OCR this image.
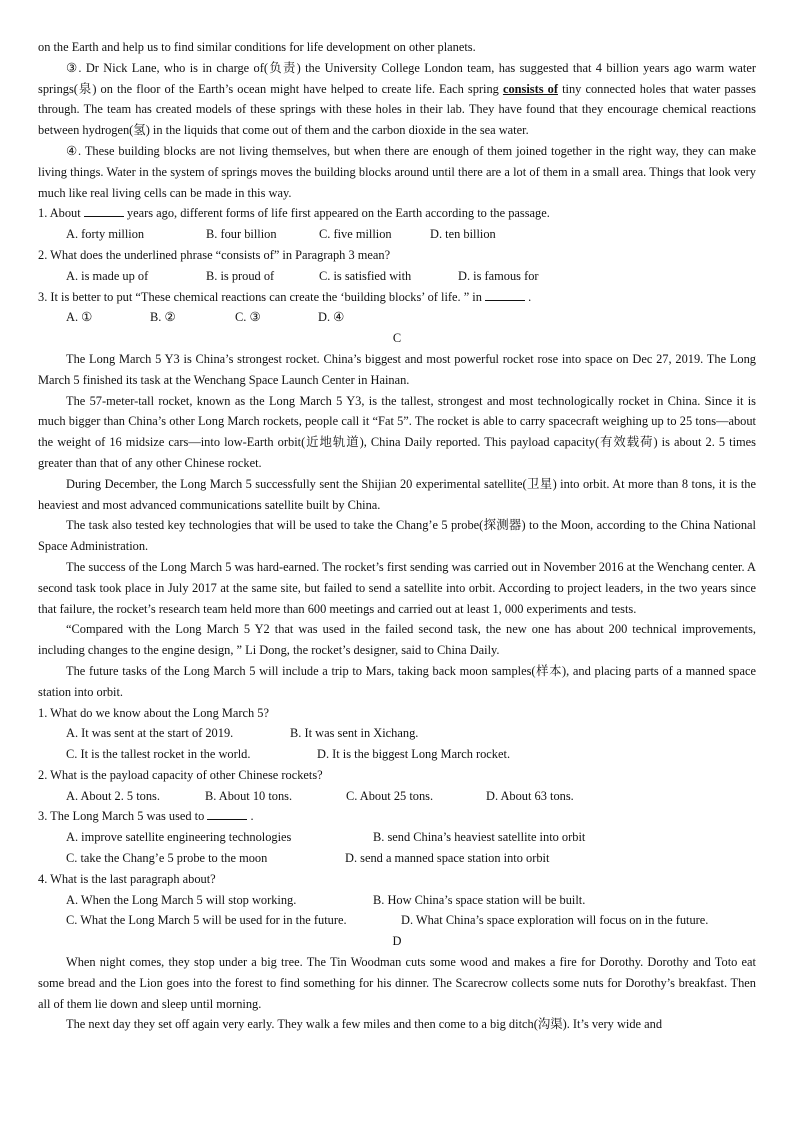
on the Earth and help us to find similar conditions for life development on other planets.

③. Dr Nick Lane, who is in charge of(负责) the University College London team, has suggested that 4 billion years ago warm water springs(泉) on the floor of the Earth’s ocean might have helped to create life. Each spring consists of tiny connected holes that water passes through. The team has created models of these springs with these holes in their lab. They have found that they encourage chemical reactions between hydrogen(氢) in the liquids that come out of them and the carbon dioxide in the sea water.

④. These building blocks are not living themselves, but when there are enough of them joined together in the right way, they can make living things. Water in the system of springs moves the building blocks around until there are a lot of them in a small area. Things that look very much like real living cells can be made in this way.

1. About	years ago, different forms of life first appeared on the Earth according to the passage.

A. forty million	B. four billion	C. five million	D. ten billion

2. What does the underlined phrase “consists of” in Paragraph 3 mean?

A. is made up of	B. is proud of	C. is satisfied with	D. is famous for

3. It is better to put “These chemical reactions can create the ‘building blocks’ of life. ” in	.

A. ①	B. ②	C. ③	D. ④

C

The Long March 5 Y3 is China’s strongest rocket. China’s biggest and most powerful rocket rose into space on Dec 27, 2019. The Long March 5 finished its task at the Wenchang Space Launch Center in Hainan.

The 57-meter-tall rocket, known as the Long March 5 Y3, is the tallest, strongest and most technologically rocket in China. Since it is much bigger than China’s other Long March rockets, people call it “Fat 5”. The rocket is able to carry spacecraft weighing up to 25 tons—about the weight of 16 midsize cars—into low-Earth orbit(近地轨道), China Daily reported. This payload capacity(有效载荷) is about 2. 5 times greater than that of any other Chinese rocket.

During December, the Long March 5 successfully sent the Shijian 20 experimental satellite(卫星) into orbit. At more than 8 tons, it is the heaviest and most advanced communications satellite built by China.

The task also tested key technologies that will be used to take the Chang’e 5 probe(探测器) to the Moon, according to the China National Space Administration.

The success of the Long March 5 was hard-earned. The rocket’s first sending was carried out in November 2016 at the Wenchang center. A second task took place in July 2017 at the same site, but failed to send a satellite into orbit. According to project leaders, in the two years since that failure, the rocket’s research team held more than 600 meetings and carried out at least 1, 000 experiments and tests.

“Compared with the Long March 5 Y2 that was used in the failed second task, the new one has about 200 technical improvements, including changes to the engine design, ” Li Dong, the rocket’s designer, said to China Daily.

The future tasks of the Long March 5 will include a trip to Mars, taking back moon samples(样本), and placing parts of a manned space station into orbit.

1. What do we know about the Long March 5?

A. It was sent at the start of 2019.	B. It was sent in Xichang.
C. It is the tallest rocket in the world.	D. It is the biggest Long March rocket.

2. What is the payload capacity of other Chinese rockets?

A. About 2. 5 tons.	B. About 10 tons.	C. About 25 tons.	D. About 63 tons.

3. The Long March 5 was used to	.

A. improve satellite engineering technologies	B. send China’s heaviest satellite into orbit
C. take the Chang’e 5 probe to the moon	D. send a manned space station into orbit

4. What is the last paragraph about?

A. When the Long March 5 will stop working.	B. How China’s space station will be built.
C. What the Long March 5 will be used for in the future.	D. What China’s space exploration will focus on in the future.

D

When night comes, they stop under a big tree. The Tin Woodman cuts some wood and makes a fire for Dorothy. Dorothy and Toto eat some bread and the Lion goes into the forest to find something for his dinner. The Scarecrow collects some nuts for Dorothy’s breakfast. Then all of them lie down and sleep until morning.

The next day they set off again very early. They walk a few miles and then come to a big ditch(沟渠). It’s very wide and
